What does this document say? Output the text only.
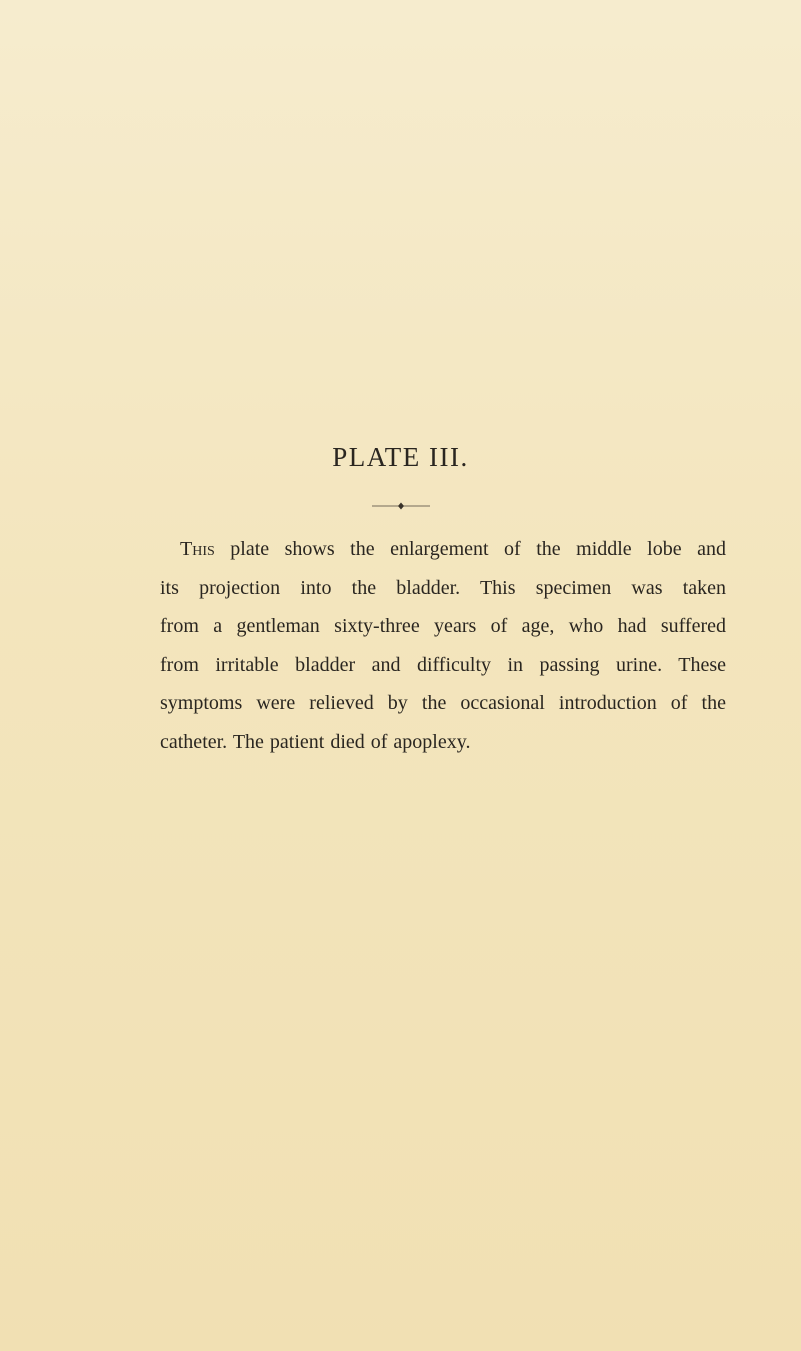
PLATE III.
This plate shows the enlargement of the middle lobe and
its projection into the bladder. This specimen was taken
from a gentleman sixty-three years of age, who had suffered
from irritable bladder and difficulty in passing urine. These
symptoms were relieved by the occasional introduction of the
catheter. The patient died of apoplexy.
